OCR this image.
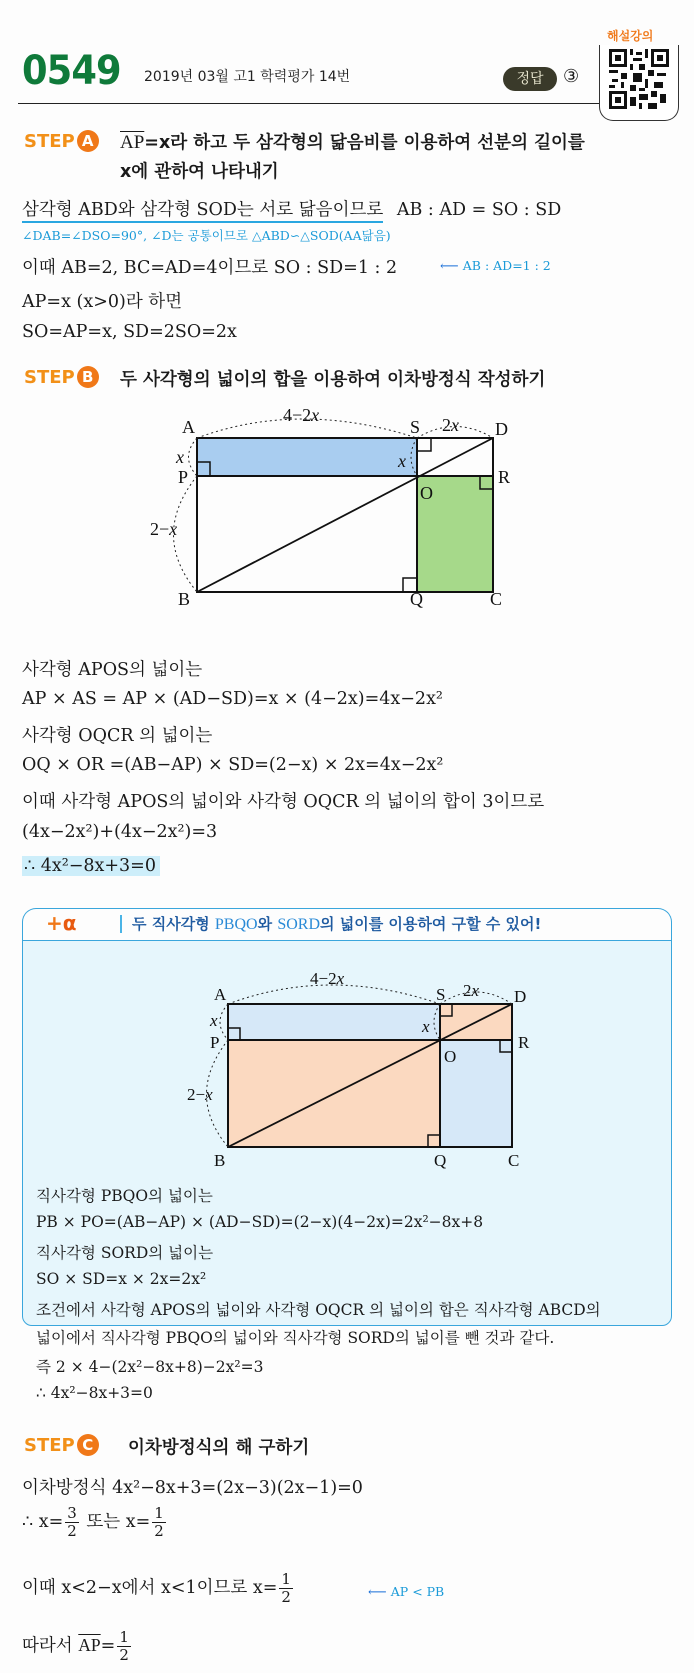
0549 2019년 03월 고1 학력평가 14번	정답	③
해설강의
STEP A $\overline{AP}=x$라 하고 두 삼각형의 닮음비를 이용하여 선분의 길이를
x에 관하여 나타내기
삼각형 ABD와 삼각형 SOD는 서로 닮음이므로 AB : AD = SO : SD
∠DAB=∠DSO=90°, ∠D는 공통이므로 △ABD∽△SOD(AA닮음)
이때 AB=2, BC=AD=4이므로 SO : SD=1 : 2	⟵ AB : AD=1 : 2
AP=x (x>0)라 하면
SO=AP=x, SD=2SO=2x
STEP B	두 사각형의 넓이의 합을 이용하여 이차방정식 작성하기
A
P
B	Q	C
D
R
S
O
4−2x	2x
x	x
2−x
사각형 APOS의 넓이는
AP × AS = AP × (AD−SD)=x × (4−2x)=4x−2x²
사각형 OQCR 의 넓이는
OQ × OR =(AB−AP) × SD=(2−x) × 2x=4x−2x²
이때 사각형 APOS의 넓이와 사각형 OQCR 의 넓이의 합이 3이므로
(4x−2x²)+(4x−2x²)=3
∴ 4x²−8x+3=0
+α	두 직사각형 PBQO와 SORD의 넓이를 이용하여 구할 수 있어!
A
P
B	Q	C
D
R
S
O
4−2x
2x
x	x
2−x
직사각형 PBQO의 넓이는
PB × PO=(AB−AP) × (AD−SD)=(2−x)(4−2x)=2x²−8x+8
직사각형 SORD의 넓이는
SO × SD=x × 2x=2x²
조건에서 사각형 APOS의 넓이와 사각형 OQCR 의 넓이의 합은 직사각형 ABCD의
넓이에서 직사각형 PBQO의 넓이와 직사각형 SORD의 넓이를 뺀 것과 같다.
즉 2 × 4−(2x²−8x+8)−2x²=3
∴ 4x²−8x+3=0
STEP C	이차방정식의 해 구하기
이차방정식 4x²−8x+3=(2x−3)(2x−1)=0
∴ $x= \frac{3}{2}$ 또는 $x= \frac{1}{2}$
이때 x<2−x에서 x<1이므로 $x= \frac{1}{2}$	⟵ AP < PB
따라서 $\overline{AP}= \frac{1}{2}$
